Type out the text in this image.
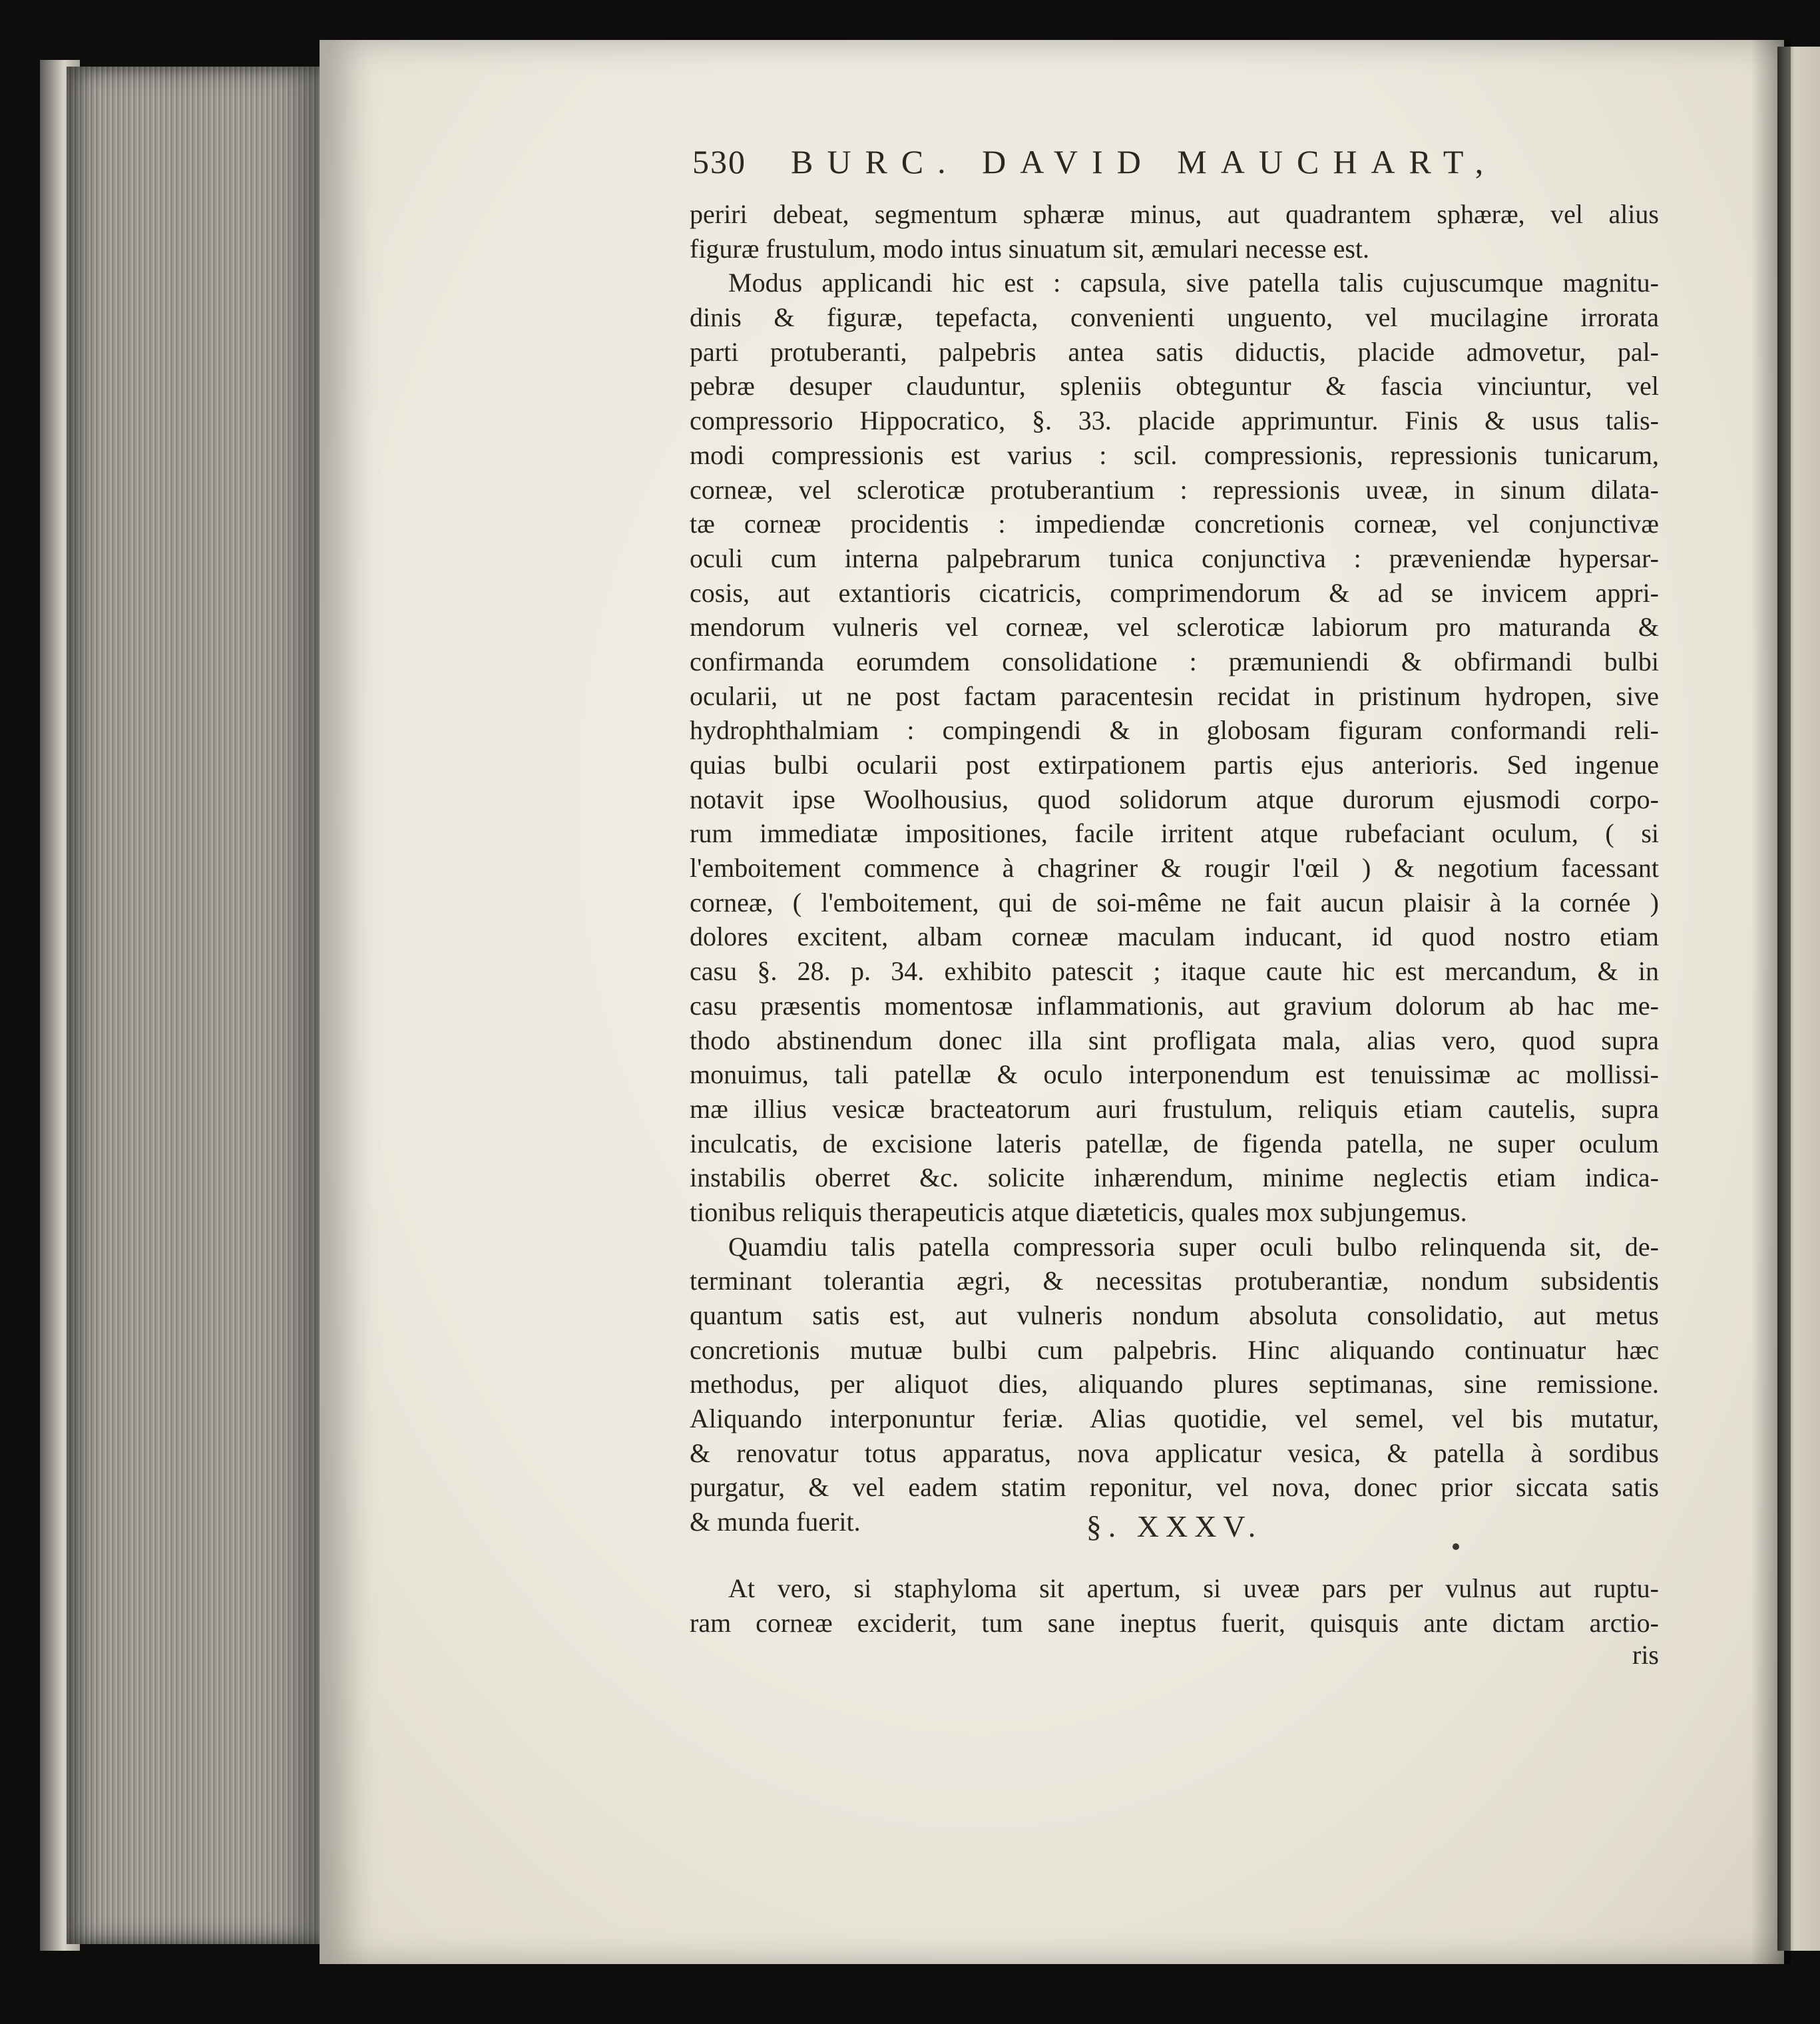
530 BURC. DAVID MAUCHART,
periri debeat, segmentum sphæræ minus, aut quadrantem sphæræ, vel alius
figuræ frustulum, modo intus sinuatum sit, æmulari necesse est.
Modus applicandi hic est : capsula, sive patella talis cujuscumque magnitu-
dinis & figuræ, tepefacta, convenienti unguento, vel mucilagine irrorata
parti protuberanti, palpebris antea satis diductis, placide admovetur, pal-
pebræ desuper clauduntur, spleniis obteguntur & fascia vinciuntur, vel
compressorio Hippocratico, §. 33. placide apprimuntur. Finis & usus talis-
modi compressionis est varius : scil. compressionis, repressionis tunicarum,
corneæ, vel scleroticæ protuberantium : repressionis uveæ, in sinum dilata-
tæ corneæ procidentis : impediendæ concretionis corneæ, vel conjunctivæ
oculi cum interna palpebrarum tunica conjunctiva : præveniendæ hypersar-
cosis, aut extantioris cicatricis, comprimendorum & ad se invicem appri-
mendorum vulneris vel corneæ, vel scleroticæ labiorum pro maturanda &
confirmanda eorumdem consolidatione : præmuniendi & obfirmandi bulbi
ocularii, ut ne post factam paracentesin recidat in pristinum hydropen, sive
hydrophthalmiam : compingendi & in globosam figuram conformandi reli-
quias bulbi ocularii post extirpationem partis ejus anterioris. Sed ingenue
notavit ipse Woolhousius, quod solidorum atque durorum ejusmodi corpo-
rum immediatæ impositiones, facile irritent atque rubefaciant oculum, ( si
l'emboitement commence à chagriner & rougir l'œil ) & negotium facessant
corneæ, ( l'emboitement, qui de soi-même ne fait aucun plaisir à la cornée )
dolores excitent, albam corneæ maculam inducant, id quod nostro etiam
casu §. 28. p. 34. exhibito patescit ; itaque caute hic est mercandum, & in
casu præsentis momentosæ inflammationis, aut gravium dolorum ab hac me-
thodo abstinendum donec illa sint profligata mala, alias vero, quod supra
monuimus, tali patellæ & oculo interponendum est tenuissimæ ac mollissi-
mæ illius vesicæ bracteatorum auri frustulum, reliquis etiam cautelis, supra
inculcatis, de excisione lateris patellæ, de figenda patella, ne super oculum
instabilis oberret &c. solicite inhærendum, minime neglectis etiam indica-
tionibus reliquis therapeuticis atque diæteticis, quales mox subjungemus.
Quamdiu talis patella compressoria super oculi bulbo relinquenda sit, de-
terminant tolerantia ægri, & necessitas protuberantiæ, nondum subsidentis
quantum satis est, aut vulneris nondum absoluta consolidatio, aut metus
concretionis mutuæ bulbi cum palpebris. Hinc aliquando continuatur hæc
methodus, per aliquot dies, aliquando plures septimanas, sine remissione.
Aliquando interponuntur feriæ. Alias quotidie, vel semel, vel bis mutatur,
& renovatur totus apparatus, nova applicatur vesica, & patella à sordibus
purgatur, & vel eadem statim reponitur, vel nova, donec prior siccata satis
& munda fuerit.	§. XXXV.
At vero, si staphyloma sit apertum, si uveæ pars per vulnus aut ruptu-
ram corneæ exciderit, tum sane ineptus fuerit, quisquis ante dictam arctio-
ris
